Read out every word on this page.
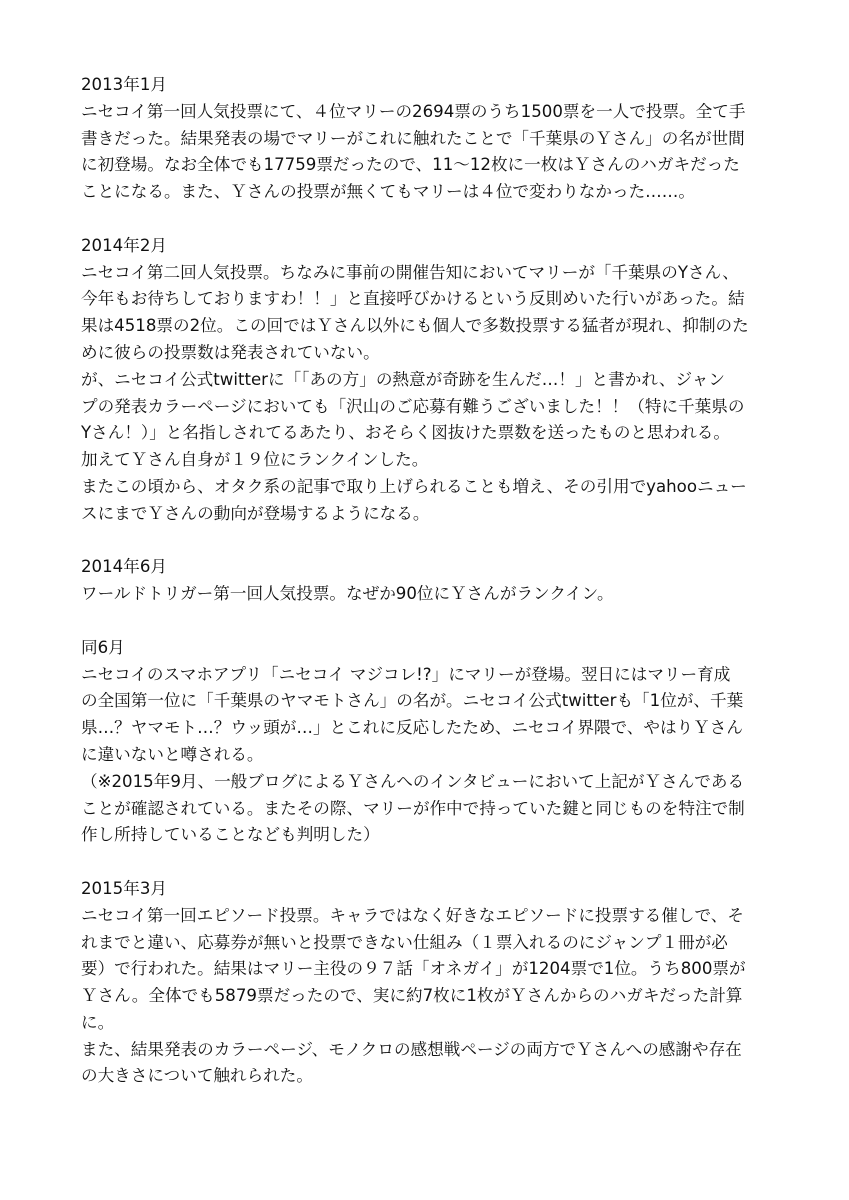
2013年1月
ニセコイ第一回人気投票にて、４位マリーの2694票のうち1500票を一人で投票。全て手
書きだった。結果発表の場でマリーがこれに触れたことで「千葉県のＹさん」の名が世間
に初登場。なお全体でも17759票だったので、11～12枚に一枚はＹさんのハガキだった
ことになる。また、Ｙさんの投票が無くてもマリーは４位で変わりなかった……。
2014年2月
ニセコイ第二回人気投票。ちなみに事前の開催告知においてマリーが「千葉県のYさん、
今年もお待ちしておりますわ！！」と直接呼びかけるという反則めいた行いがあった。結
果は4518票の2位。この回ではＹさん以外にも個人で多数投票する猛者が現れ、抑制のた
めに彼らの投票数は発表されていない。
が、ニセコイ公式twitterに「「あの方」の熱意が奇跡を生んだ…！」と書かれ、ジャン
プの発表カラーページにおいても「沢山のご応募有難うございました！！（特に千葉県の
Yさん！）」と名指しされてるあたり、おそらく図抜けた票数を送ったものと思われる。
加えてＹさん自身が１９位にランクインした。
またこの頃から、オタク系の記事で取り上げられることも増え、その引用でyahooニュー
スにまでＹさんの動向が登場するようになる。
2014年6月
ワールドトリガー第一回人気投票。なぜか90位にＹさんがランクイン。
同6月
ニセコイのスマホアプリ「ニセコイ マジコレ!?」にマリーが登場。翌日にはマリー育成
の全国第一位に「千葉県のヤマモトさん」の名が。ニセコイ公式twitterも「1位が、千葉
県…？ヤマモト…？ウッ頭が…」とこれに反応したため、ニセコイ界隈で、やはりＹさん
に違いないと噂される。
（※2015年9月、一般ブログによるＹさんへのインタビューにおいて上記がＹさんである
ことが確認されている。またその際、マリーが作中で持っていた鍵と同じものを特注で制
作し所持していることなども判明した）
2015年3月
ニセコイ第一回エピソード投票。キャラではなく好きなエピソードに投票する催しで、そ
れまでと違い、応募券が無いと投票できない仕組み（１票入れるのにジャンプ１冊が必
要）で行われた。結果はマリー主役の９７話「オネガイ」が1204票で1位。うち800票が
Ｙさん。全体でも5879票だったので、実に約7枚に1枚がＹさんからのハガキだった計算
に。
また、結果発表のカラーページ、モノクロの感想戦ページの両方でＹさんへの感謝や存在
の大きさについて触れられた。
